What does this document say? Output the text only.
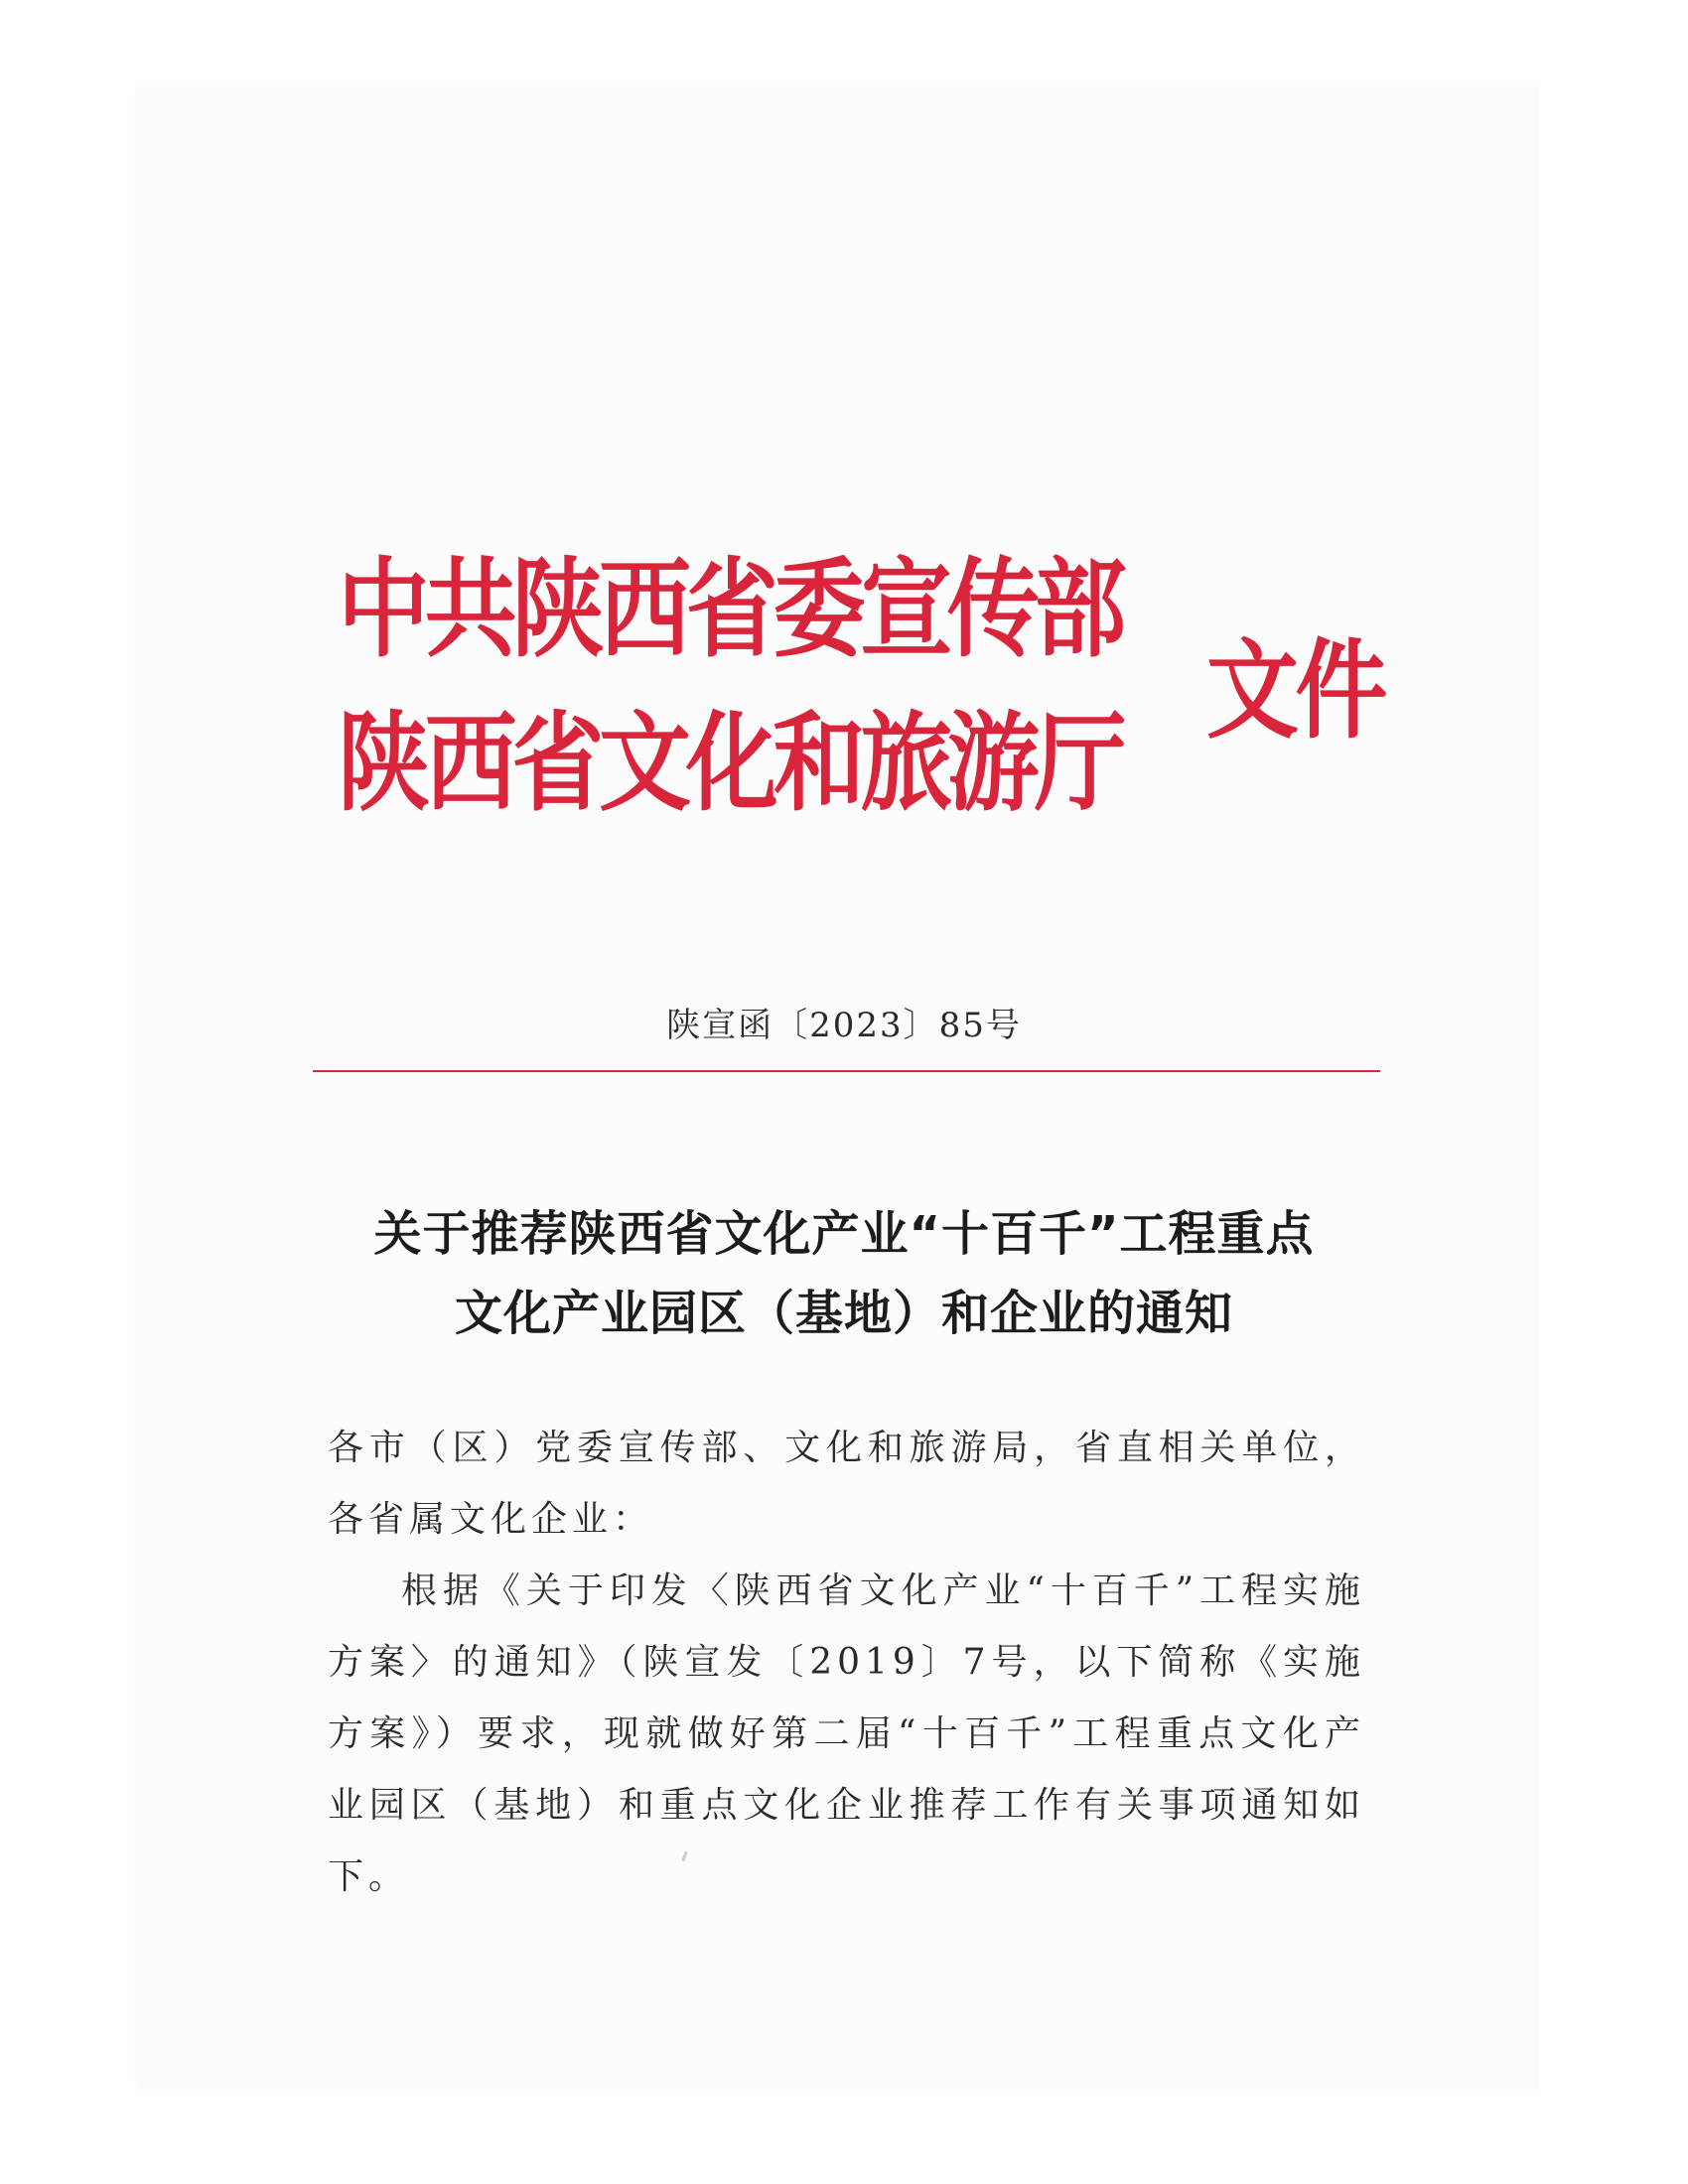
中共陕西省委宣传部
陕西省文化和旅游厅
文件
陕宣函〔2023〕85号
关于推荐陕西省文化产业“十百千”工程重点
文化产业园区（基地）和企业的通知

各市（区）党委宣传部、文化和旅游局，省直相关单位，各省属文化企业：

根据《关于印发〈陕西省文化产业“十百千”工程实施方案〉的通知》（陕宣发〔2019〕7号，以下简称《实施方案》）要求，现就做好第二届“十百千”工程重点文化产业园区（基地）和重点文化企业推荐工作有关事项通知如下。
